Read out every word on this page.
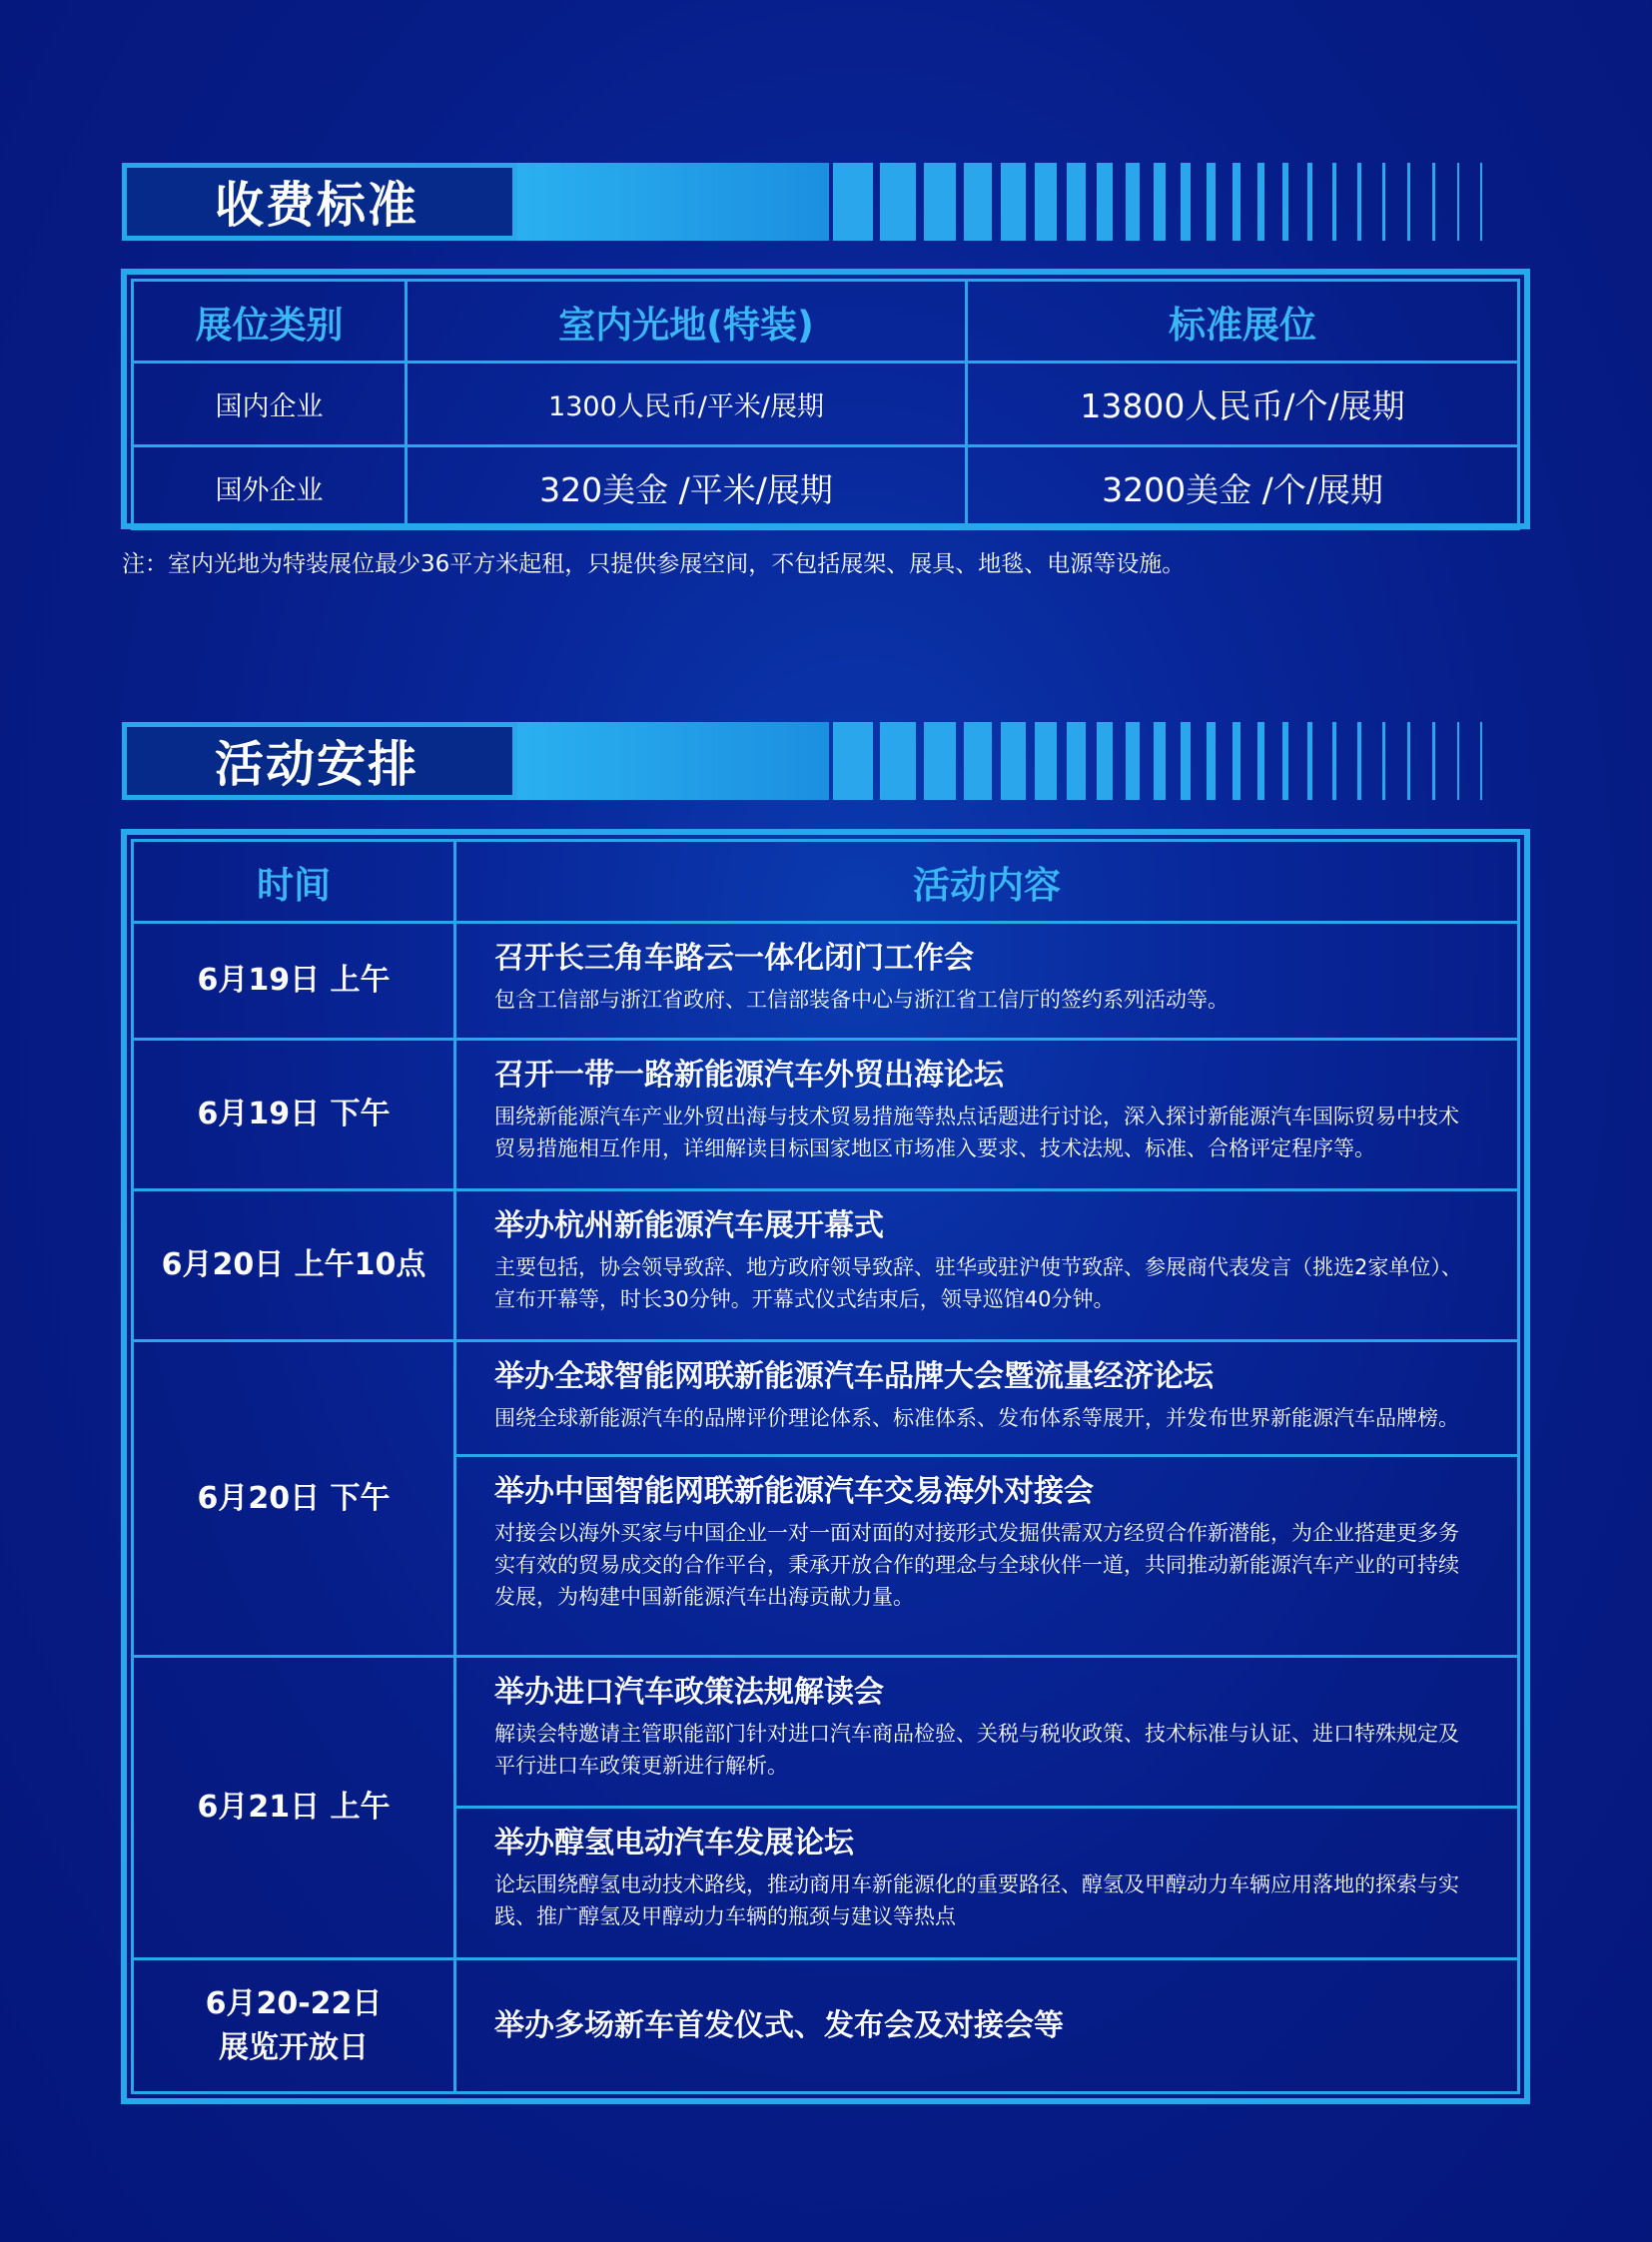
收费标准
展位类别	室内光地(特装)	标准展位
国内企业	1300人民币/平米/展期	13800人民币/个/展期
国外企业	320美金 /平米/展期	3200美金 /个/展期
注：室内光地为特装展位最少36平方米起租，只提供参展空间，不包括展架、展具、地毯、电源等设施。
活动安排
时间	活动内容
6月19日 上午	召开长三角车路云一体化闭门工作会
包含工信部与浙江省政府、工信部装备中心与浙江省工信厅的签约系列活动等。

6月19日 下午	召开一带一路新能源汽车外贸出海论坛
围绕新能源汽车产业外贸出海与技术贸易措施等热点话题进行讨论，深入探讨新能源汽车国际贸易中技术贸易措施相互作用，详细解读目标国家地区市场准入要求、技术法规、标准、合格评定程序等。

6月20日 上午10点	举办杭州新能源汽车展开幕式
主要包括，协会领导致辞、地方政府领导致辞、驻华或驻沪使节致辞、参展商代表发言（挑选2家单位）、宣布开幕等，时长30分钟。开幕式仪式结束后，领导巡馆40分钟。

6月20日 下午	举办全球智能网联新能源汽车品牌大会暨流量经济论坛
围绕全球新能源汽车的品牌评价理论体系、标准体系、发布体系等展开，并发布世界新能源汽车品牌榜。

	举办中国智能网联新能源汽车交易海外对接会
对接会以海外买家与中国企业一对一面对面的对接形式发掘供需双方经贸合作新潜能，为企业搭建更多务实有效的贸易成交的合作平台，秉承开放合作的理念与全球伙伴一道，共同推动新能源汽车产业的可持续发展，为构建中国新能源汽车出海贡献力量。

6月21日 上午	举办进口汽车政策法规解读会
解读会特邀请主管职能部门针对进口汽车商品检验、关税与税收政策、技术标准与认证、进口特殊规定及平行进口车政策更新进行解析。

	举办醇氢电动汽车发展论坛
论坛围绕醇氢电动技术路线，推动商用车新能源化的重要路径、醇氢及甲醇动力车辆应用落地的探索与实践、推广醇氢及甲醇动力车辆的瓶颈与建议等热点

6月20-22日
展览开放日	举办多场新车首发仪式、发布会及对接会等
